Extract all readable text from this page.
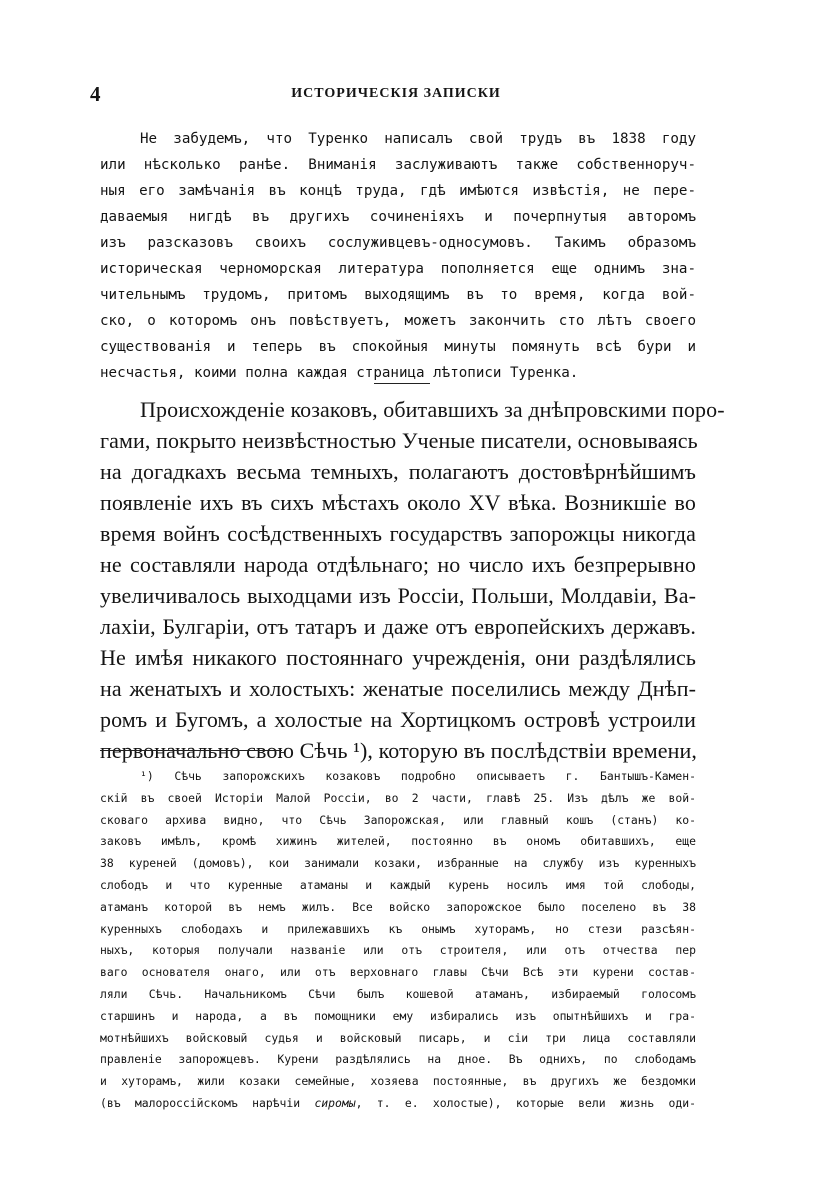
4	ИСТОРИЧЕСКІЯ ЗАПИСКИ
Не забудемъ, что Туренко написалъ свой трудъ въ 1838 году
или нѣсколько ранѣе. Вниманія заслуживаютъ также собственноруч-
ныя его замѣчанія въ концѣ труда, гдѣ имѣются извѣстія, не пере-
даваемыя нигдѣ въ другихъ сочиненіяхъ и почерпнутыя авторомъ
изъ разсказовъ своихъ сослуживцевъ-односумовъ. Такимъ образомъ
историческая черноморская литература пополняется еще однимъ зна-
чительнымъ трудомъ, притомъ выходящимъ въ то время, когда вой-
ско, о которомъ онъ повѣствуетъ, можетъ закончить сто лѣтъ своего
существованія и теперь въ спокойныя минуты помянуть всѣ бури и
несчастья, коими полна каждая страница лѣтописи Туренка.
Происхожденіе козаковъ, обитавшихъ за днѣпровскими поро-
гами, покрыто неизвѣстностью Ученые писатели, основываясь
на догадкахъ весьма темныхъ, полагаютъ достовѣрнѣйшимъ
появленіе ихъ въ сихъ мѣстахъ около XV вѣка. Возникшіе во
время войнъ сосѣдственныхъ государствъ запорожцы никогда
не составляли народа отдѣльнаго; но число ихъ безпрерывно
увеличивалось выходцами изъ Россіи, Польши, Молдавіи, Ва-
лахіи, Булгаріи, отъ татаръ и даже отъ европейскихъ державъ.
Не имѣя никакого постояннаго учрежденія, они раздѣлялись
на женатыхъ и холостыхъ: женатые поселились между Днѣп-
ромъ и Бугомъ, а холостые на Хортицкомъ островѣ устроили
первоначально свою Сѣчь ¹), которую въ послѣдствіи времени,
¹) Сѣчь запорожскихъ козаковъ подробно описываетъ г. Бантышъ-Камен-
скій въ своей Исторіи Малой Россіи, во 2 части, главѣ 25. Изъ дѣлъ же вой-
сковаго архива видно, что Сѣчь Запорожская, или главный кошъ (станъ) ко-
заковъ имѣлъ, кромѣ хижинъ жителей, постоянно въ ономъ обитавшихъ, еще
38 куреней (домовъ), кои занимали козаки, избранные на службу изъ куренныхъ
слободъ и что куренные атаманы и каждый курень носилъ имя той слободы,
атаманъ которой въ немъ жилъ. Все войско запорожское было поселено въ 38
куренныхъ слободахъ и прилежавшихъ къ онымъ хуторамъ, но стези разсѣян-
ныхъ, которыя получали названіе или отъ строителя, или отъ отчества пер
ваго основателя онаго, или отъ верховнаго главы Сѣчи Всѣ эти курени состав-
ляли Сѣчь. Начальникомъ Сѣчи былъ кошевой атаманъ, избираемый голосомъ
старшинъ и народа, а въ помощники ему избирались изъ опытнѣйшихъ и гра-
мотнѣйшихъ войсковый судья и войсковый писарь, и сіи три лица составляли
правленіе запорожцевъ. Курени раздѣлялись на дное. Въ однихъ, по слободамъ
и хуторамъ, жили козаки семейные, хозяева постоянные, въ другихъ же бездомки
(въ малороссійскомъ нарѣчіи сиромы, т. е. холостые), которые вели жизнь оди-
